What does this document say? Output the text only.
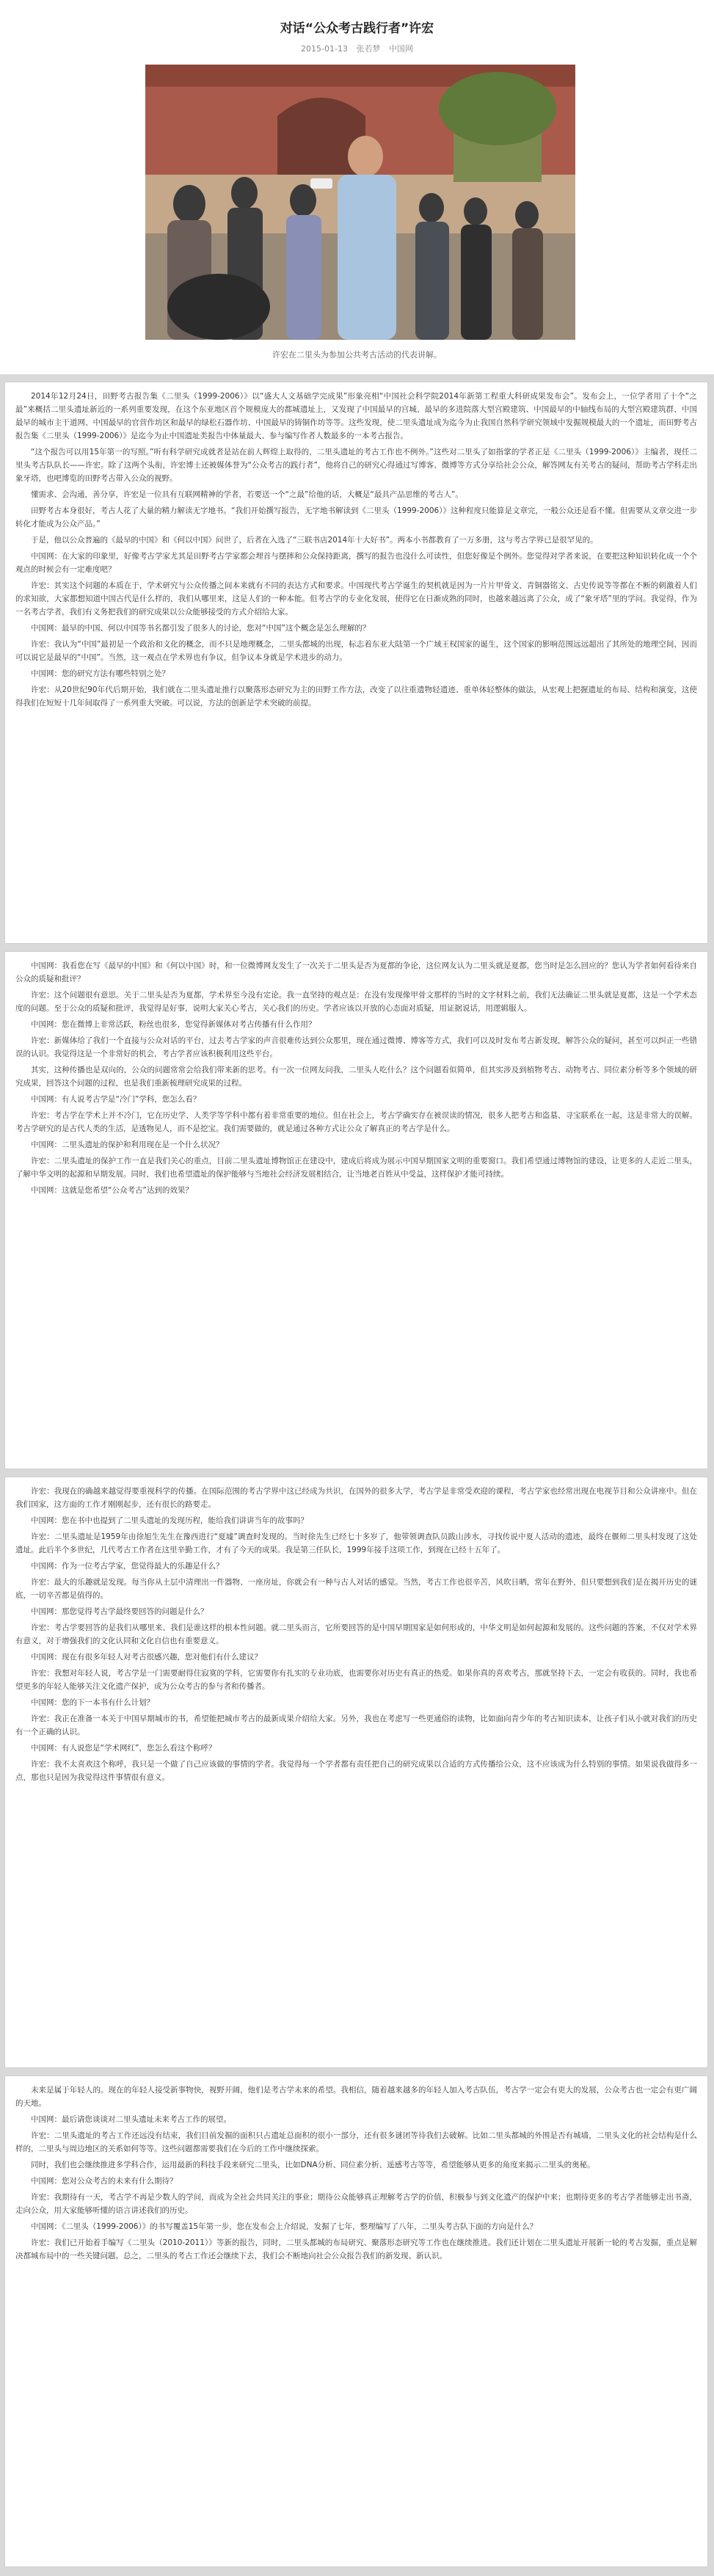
对话“公众考古践行者”许宏
2015-01-13 张若梦 中国网
许宏在二里头为参加公共考古活动的代表讲解。

2014年12月24日，田野考古报告集《二里头（1999-2006）》以“盛大人文基础学完成果”形象亮相“中国社会科学院2014年新第工程重大科研成果发布会”。发布会上，一位学者用了十个“之最”来概括二里头遗址新近的一系列重要发现，在这个东亚地区首个规模庞大的都城遗址上，又发现了中国最早的宫城、最早的多进院落大型宫殿建筑、中国最早的中轴线布局的大型宫殿建筑群、中国最早的城市主干道网、中国最早的官营作坊区和最早的绿松石器作坊、中国最早的铸铜作坊等等。这些发现，使二里头遗址成为迄今为止我国自然科学研究领域中发掘规模最大的一个遗址，而田野考古报告集《二里头（1999-2006）》是迄今为止中国遗址类报告中体量最大、参与编写作者人数最多的一本考古报告。

“这个报告可以用15年第一的写照。”听有科学研究成就者是站在前人辉煌上取得的，二里头遗址的考古工作也不例外。”这些对二里头了如指掌的学者正是《二里头（1999-2006）》主编者，现任二里头考古队队长——许宏。除了这两个头衔，许宏博士还被媒体誉为“公众考古的践行者”，他将自己的研究心得通过写博客、微博等方式分享给社会公众，解答网友有关考古的疑问，帮助考古学科走出象牙塔，也吧博览的田野考古带入公众的视野。

懂需求、会沟通，善分享，许宏是一位具有互联网精神的学者，若要送一个“之最”给他的话，大概是“最具产品思维的考古人”。

田野考古本身很好，考古人花了大量的精力解读无字地书。“我们开始撰写报告，无字地书解读到《二里头（1999-2006）》这种程度只能算是文章完，一般公众还是看不懂。但需要从文章交进一步转化才能成为公众产品。”

于是，他以公众普遍的《最早的中国》和《何以中国》问世了，后者在入选了“三联书店2014年十大好书”。两本小书都教育了一万多册，这与考古学界已是很罕见的。

中国网：在大家的印象里，好像考古学家尤其是田野考古学家都会埋首与摆摔和公众保持距离，撰写的报告也没什么可读性，但您好像是个例外。您觉得对学者来说，在要把这种知识转化成一个个观点的时候会有一定难度吧？

许宏：其实这个问题的本质在于，学术研究与公众传播之间本来就有不同的表达方式和要求。中国现代考古学诞生的契机就是因为一片片甲骨文、青铜器铭文、古史传说等等都在不断的刺激着人们的求知欲，大家都想知道中国古代是什么样的，我们从哪里来，这是人们的一种本能。但考古学的专业化发展，使得它在日渐成熟的同时，也越来越远离了公众，成了“象牙塔”里的学问。我觉得，作为一名考古学者，我们有义务把我们的研究成果以公众能够接受的方式介绍给大家。

中国网：最早的中国、何以中国等书名都引发了很多人的讨论，您对“中国”这个概念是怎么理解的？

许宏：我认为“中国”最初是一个政治和文化的概念，而不只是地理概念，二里头都城的出现，标志着东亚大陆第一个广域王权国家的诞生，这个国家的影响范围远远超出了其所处的地理空间，因而可以说它是最早的“中国”。当然，这一观点在学术界也有争议，但争议本身就是学术进步的动力。

中国网：您的研究方法有哪些特别之处？

许宏：从20世纪90年代后期开始，我们就在二里头遗址推行以聚落形态研究为主的田野工作方法，改变了以往重遗物轻遗迹、重单体轻整体的做法，从宏观上把握遗址的布局、结构和演变，这使得我们在短短十几年间取得了一系列重大突破。可以说，方法的创新是学术突破的前提。

中国网：我看您在写《最早的中国》和《何以中国》时，和一位微博网友发生了一次关于二里头是否为夏都的争论，这位网友认为二里头就是夏都，您当时是怎么回应的？您认为学者如何看待来自公众的质疑和批评？

许宏：这个问题很有意思。关于二里头是否为夏都，学术界至今没有定论。我一直坚持的观点是：在没有发现像甲骨文那样的当时的文字材料之前，我们无法确证二里头就是夏都，这是一个学术态度的问题。至于公众的质疑和批评，我觉得是好事，说明大家关心考古，关心我们的历史。学者应该以开放的心态面对质疑，用证据说话，用逻辑服人。

中国网：您在微博上非常活跃，粉丝也很多，您觉得新媒体对考古传播有什么作用？

许宏：新媒体给了我们一个直接与公众对话的平台，过去考古学家的声音很难传达到公众那里，现在通过微博、博客等方式，我们可以及时发布考古新发现，解答公众的疑问，甚至可以纠正一些错误的认识。我觉得这是一个非常好的机会，考古学者应该积极利用这些平台。

其实，这种传播也是双向的，公众的问题常常会给我们带来新的思考。有一次一位网友问我，二里头人吃什么？这个问题看似简单，但其实涉及到植物考古、动物考古、同位素分析等多个领域的研究成果，回答这个问题的过程，也是我们重新梳理研究成果的过程。

中国网：有人说考古学是“冷门”学科，您怎么看？

许宏：考古学在学术上并不冷门，它在历史学、人类学等学科中都有着非常重要的地位。但在社会上，考古学确实存在被误读的情况，很多人把考古和盗墓、寻宝联系在一起，这是非常大的误解。考古学研究的是古代人类的生活，是透物见人，而不是挖宝。我们需要做的，就是通过各种方式让公众了解真正的考古学是什么。

中国网：二里头遗址的保护和利用现在是一个什么状况？

许宏：二里头遗址的保护工作一直是我们关心的重点，目前二里头遗址博物馆正在建设中，建成后将成为展示中国早期国家文明的重要窗口。我们希望通过博物馆的建设，让更多的人走近二里头，了解中华文明的起源和早期发展。同时，我们也希望遗址的保护能够与当地社会经济发展相结合，让当地老百姓从中受益，这样保护才能可持续。

中国网：这就是您希望“公众考古”达到的效果？

许宏：我现在的确越来越觉得要重视科学的传播。在国际范围的考古学界中这已经成为共识，在国外的很多大学，考古学是非常受欢迎的课程，考古学家也经常出现在电视节目和公众讲座中。但在我们国家，这方面的工作才刚刚起步，还有很长的路要走。

中国网：您在书中也提到了二里头遗址的发现历程，能给我们讲讲当年的故事吗？

许宏：二里头遗址是1959年由徐旭生先生在豫西进行“夏墟”调查时发现的。当时徐先生已经七十多岁了，他带领调查队员跋山涉水，寻找传说中夏人活动的遗迹，最终在偃师二里头村发现了这处遗址。此后半个多世纪，几代考古工作者在这里辛勤工作，才有了今天的成果。我是第三任队长，1999年接手这项工作，到现在已经十五年了。

中国网：作为一位考古学家，您觉得最大的乐趣是什么？

许宏：最大的乐趣就是发现。每当你从土层中清理出一件器物、一座房址，你就会有一种与古人对话的感觉。当然，考古工作也很辛苦，风吹日晒，常年在野外，但只要想到我们是在揭开历史的谜底，一切辛苦都是值得的。

中国网：那您觉得考古学最终要回答的问题是什么？

许宏：考古学要回答的是我们从哪里来、我们是谁这样的根本性问题。就二里头而言，它所要回答的是中国早期国家是如何形成的，中华文明是如何起源和发展的。这些问题的答案，不仅对学术界有意义，对于增强我们的文化认同和文化自信也有重要意义。

中国网：现在有很多年轻人对考古很感兴趣，您对他们有什么建议？

许宏：我想对年轻人说，考古学是一门需要耐得住寂寞的学科，它需要你有扎实的专业功底，也需要你对历史有真正的热爱。如果你真的喜欢考古，那就坚持下去，一定会有收获的。同时，我也希望更多的年轻人能够关注文化遗产保护，成为公众考古的参与者和传播者。

中国网：您的下一本书有什么计划？

许宏：我正在准备一本关于中国早期城市的书，希望能把城市考古的最新成果介绍给大家。另外，我也在考虑写一些更通俗的读物，比如面向青少年的考古知识读本，让孩子们从小就对我们的历史有一个正确的认识。

中国网：有人说您是“学术网红”，您怎么看这个称呼？

许宏：我不太喜欢这个称呼，我只是一个做了自己应该做的事情的学者。我觉得每一个学者都有责任把自己的研究成果以合适的方式传播给公众，这不应该成为什么特别的事情。如果说我做得多一点，那也只是因为我觉得这件事情很有意义。

未来是属于年轻人的。现在的年轻人接受新事物快，视野开阔，他们是考古学未来的希望。我相信，随着越来越多的年轻人加入考古队伍，考古学一定会有更大的发展，公众考古也一定会有更广阔的天地。

中国网：最后请您谈谈对二里头遗址未来考古工作的展望。

许宏：二里头遗址的考古工作还远没有结束，我们目前发掘的面积只占遗址总面积的很小一部分，还有很多谜团等待我们去破解。比如二里头都城的外围是否有城墙，二里头文化的社会结构是什么样的，二里头与周边地区的关系如何等等。这些问题都需要我们在今后的工作中继续探索。

同时，我们也会继续推进多学科合作，运用最新的科技手段来研究二里头，比如DNA分析、同位素分析、遥感考古等等，希望能够从更多的角度来揭示二里头的奥秘。

中国网：您对公众考古的未来有什么期待？

许宏：我期待有一天，考古学不再是少数人的学问，而成为全社会共同关注的事业；期待公众能够真正理解考古学的价值，积极参与到文化遗产的保护中来；也期待更多的考古学者能够走出书斋，走向公众，用大家能够听懂的语言讲述我们的历史。

中国网：《二里头（1999-2006）》的书写覆盖15年第一步，您在发布会上介绍说，发掘了七年，整理编写了八年，二里头考古队下面的方向是什么？

许宏：我们已开始着手编写《二里头（2010-2011）》等新的报告，同时，二里头都城的布局研究、聚落形态研究等工作也在继续推进。我们还计划在二里头遗址开展新一轮的考古发掘，重点是解决都城布局中的一些关键问题。总之，二里头的考古工作还会继续下去，我们会不断地向社会公众报告我们的新发现、新认识。
